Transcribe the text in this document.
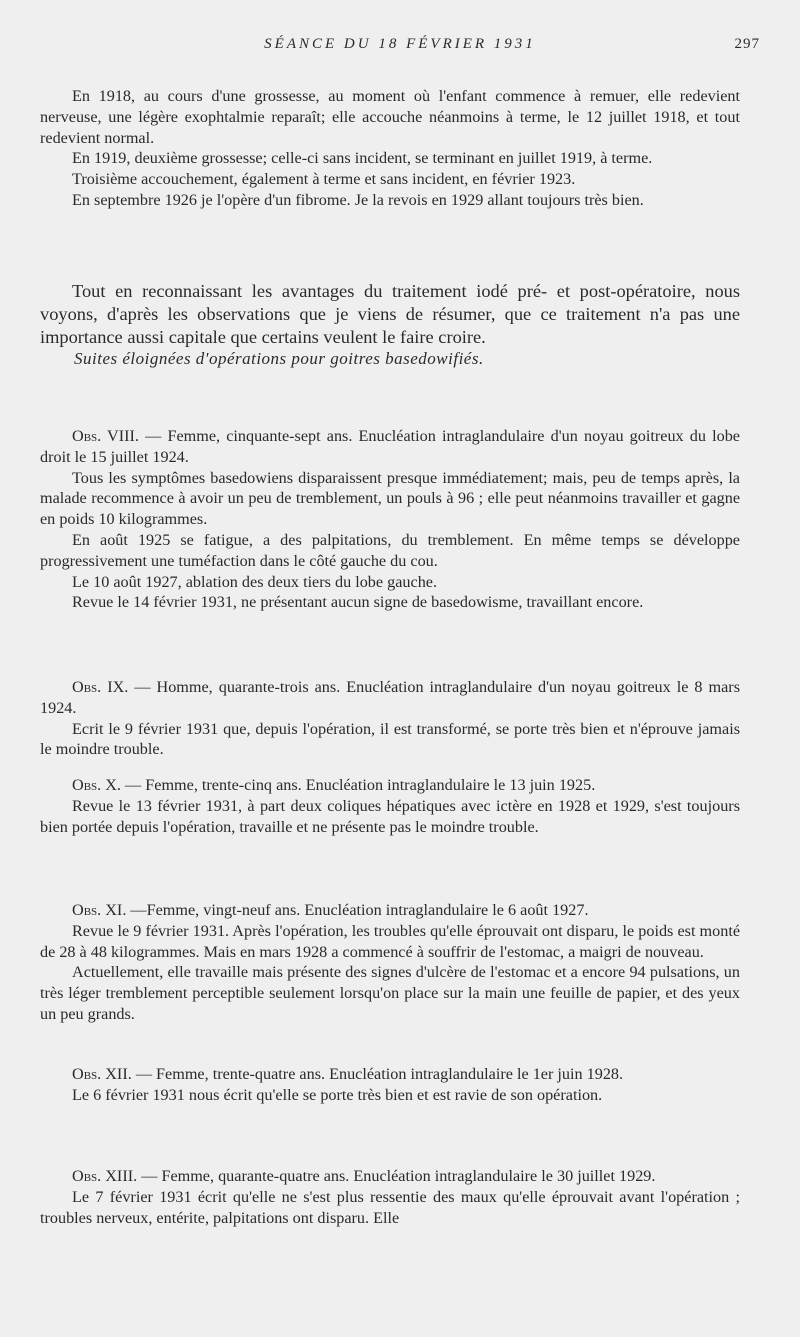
SÉANCE DU 18 FÉVRIER 1931	297

En 1918, au cours d'une grossesse, au moment où l'enfant commence à remuer, elle redevient nerveuse, une légère exophtalmie reparaît; elle accouche néanmoins à terme, le 12 juillet 1918, et tout redevient normal.

En 1919, deuxième grossesse; celle-ci sans incident, se terminant en juillet 1919, à terme.

Troisième accouchement, également à terme et sans incident, en février 1923.

En septembre 1926 je l'opère d'un fibrome. Je la revois en 1929 allant toujours très bien.

Tout en reconnaissant les avantages du traitement iodé pré- et post-opératoire, nous voyons, d'après les observations que je viens de résumer, que ce traitement n'a pas une importance aussi capitale que certains veulent le faire croire.

Suites éloignées d'opérations pour goitres basedowifiés.

Obs. VIII. — Femme, cinquante-sept ans. Enucléation intraglandulaire d'un noyau goitreux du lobe droit le 15 juillet 1924.

Tous les symptômes basedowiens disparaissent presque immédiatement; mais, peu de temps après, la malade recommence à avoir un peu de tremblement, un pouls à 96 ; elle peut néanmoins travailler et gagne en poids 10 kilogrammes.

En août 1925 se fatigue, a des palpitations, du tremblement. En même temps se développe progressivement une tuméfaction dans le côté gauche du cou.

Le 10 août 1927, ablation des deux tiers du lobe gauche.

Revue le 14 février 1931, ne présentant aucun signe de basedowisme, travaillant encore.

Obs. IX. — Homme, quarante-trois ans. Enucléation intraglandulaire d'un noyau goitreux le 8 mars 1924.

Ecrit le 9 février 1931 que, depuis l'opération, il est transformé, se porte très bien et n'éprouve jamais le moindre trouble.

Obs. X. — Femme, trente-cinq ans. Enucléation intraglandulaire le 13 juin 1925.

Revue le 13 février 1931, à part deux coliques hépatiques avec ictère en 1928 et 1929, s'est toujours bien portée depuis l'opération, travaille et ne présente pas le moindre trouble.

Obs. XI. —Femme, vingt-neuf ans. Enucléation intraglandulaire le 6 août 1927.

Revue le 9 février 1931. Après l'opération, les troubles qu'elle éprouvait ont disparu, le poids est monté de 28 à 48 kilogrammes. Mais en mars 1928 a commencé à souffrir de l'estomac, a maigri de nouveau.

Actuellement, elle travaille mais présente des signes d'ulcère de l'estomac et a encore 94 pulsations, un très léger tremblement perceptible seulement lorsqu'on place sur la main une feuille de papier, et des yeux un peu grands.

Obs. XII. — Femme, trente-quatre ans. Enucléation intraglandulaire le 1er juin 1928.

Le 6 février 1931 nous écrit qu'elle se porte très bien et est ravie de son opération.

Obs. XIII. — Femme, quarante-quatre ans. Enucléation intraglandulaire le 30 juillet 1929.

Le 7 février 1931 écrit qu'elle ne s'est plus ressentie des maux qu'elle éprouvait avant l'opération ; troubles nerveux, entérite, palpitations ont disparu. Elle
